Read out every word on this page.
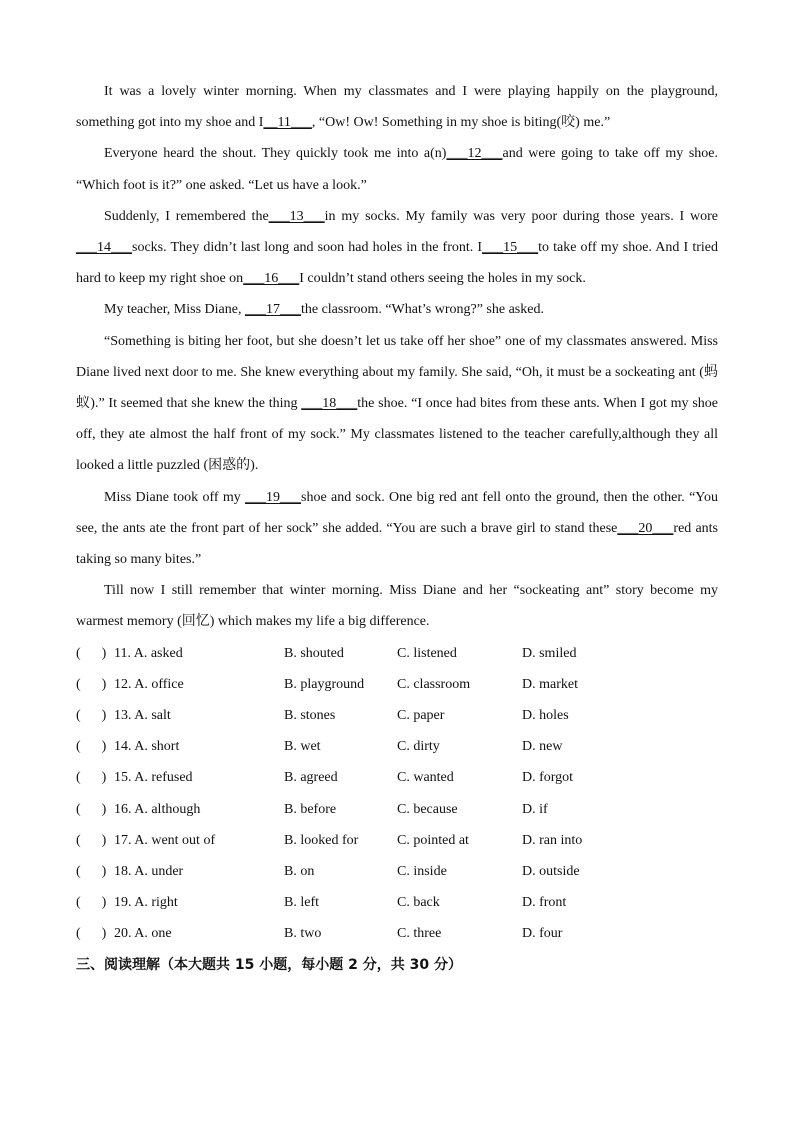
It was a lovely winter morning. When my classmates and I were playing happily on the playground, something got into my shoe and I__11___, “Ow! Ow! Something in my shoe is biting(咬) me.”

Everyone heard the shout. They quickly took me into a(n)___12___and were going to take off my shoe. “Which foot is it?” one asked. “Let us have a look.”

Suddenly, I remembered the___13___in my socks. My family was very poor during those years. I wore___14___socks. They didn’t last long and soon had holes in the front. I___15___to take off my shoe. And I tried hard to keep my right shoe on___16___I couldn’t stand others seeing the holes in my sock.

My teacher, Miss Diane, ___17___the classroom. “What’s wrong?” she asked.

“Something is biting her foot, but she doesn’t let us take off her shoe” one of my classmates answered. Miss Diane lived next door to me. She knew everything about my family. She said, “Oh, it must be a sockeating ant (蚂蚁).” It seemed that she knew the thing ___18___the shoe. “I once had bites from these ants. When I got my shoe off, they ate almost the half front of my sock.” My classmates listened to the teacher carefully,although they all looked a little puzzled (困惑的).

Miss Diane took off my ___19___shoe and sock. One big red ant fell onto the ground, then the other. “You see, the ants ate the front part of her sock” she added. “You are such a brave girl to stand these___20___red ants taking so many bites.”

Till now I still remember that winter morning. Miss Diane and her “sockeating ant” story become my warmest memory (回忆) which makes my life a big difference.

(      ) 11. A. asked	B. shouted	C. listened	D. smiled
(      ) 12. A. office	B. playground	C. classroom	D. market
(      ) 13. A. salt	B. stones	C. paper	D. holes
(      ) 14. A. short	B. wet	C. dirty	D. new
(      ) 15. A. refused	B. agreed	C. wanted	D. forgot
(      ) 16. A. although	B. before	C. because	D. if
(      ) 17. A. went out of	B. looked for	C. pointed at	D. ran into
(      ) 18. A. under	B. on	C. inside	D. outside
(      ) 19. A. right	B. left	C. back	D. front
(      ) 20. A. one	B. two	C. three	D. four
三、阅读理解（本大题共 15 小题，每小题 2 分，共 30 分）
